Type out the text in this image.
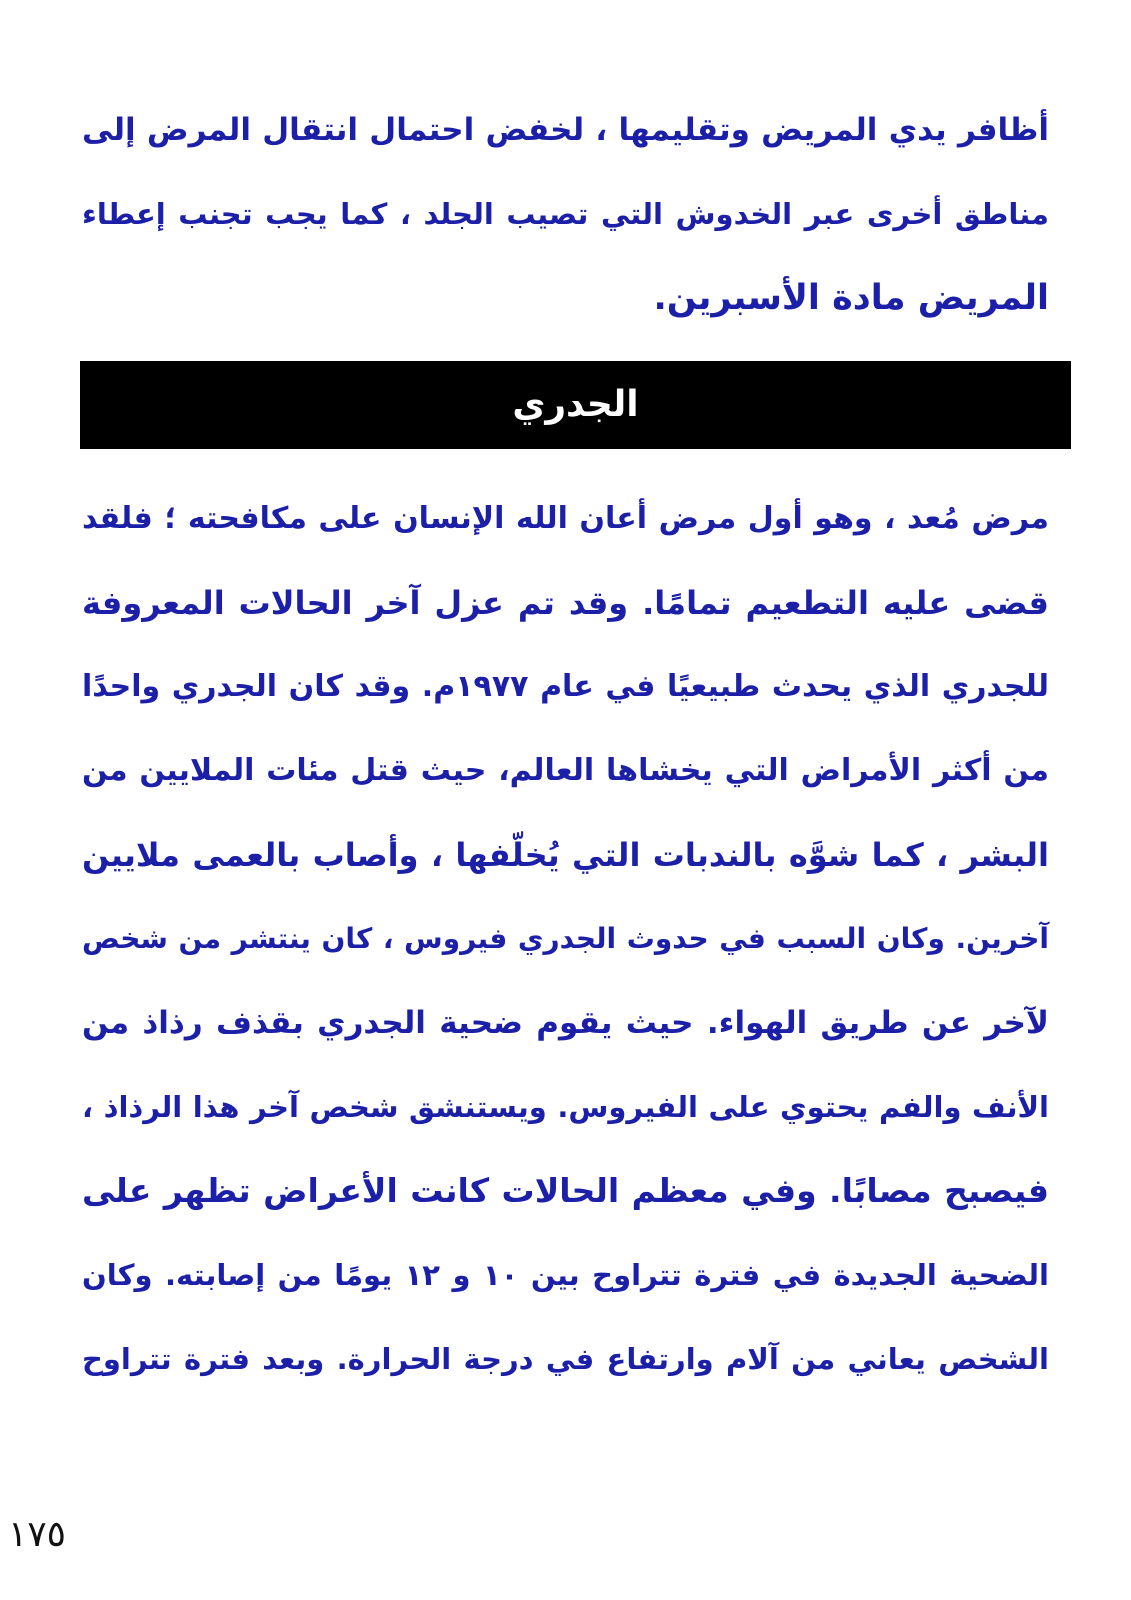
أظافر يدي المريض وتقليمها ، لخفض احتمال انتقال المرض إلى
مناطق أخرى عبر الخدوش التي تصيب الجلد ، كما يجب تجنب إعطاء
المريض مادة الأسبرين.
الجدري
مرض مُعد ، وهو أول مرض أعان الله الإنسان على مكافحته ؛ فلقد
قضى عليه التطعيم تمامًا. وقد تم عزل آخر الحالات المعروفة
للجدري الذي يحدث طبيعيًا في عام ١٩٧٧م. وقد كان الجدري واحدًا
من أكثر الأمراض التي يخشاها العالم، حيث قتل مئات الملايين من
البشر ، كما شوَّه بالندبات التي يُخلّفها ، وأصاب بالعمى ملايين
آخرين. وكان السبب في حدوث الجدري فيروس ، كان ينتشر من شخص
لآخر عن طريق الهواء. حيث يقوم ضحية الجدري بقذف رذاذ من
الأنف والفم يحتوي على الفيروس. ويستنشق شخص آخر هذا الرذاذ ،
فيصبح مصابًا. وفي معظم الحالات كانت الأعراض تظهر على
الضحية الجديدة في فترة تتراوح بين ١٠ و ١٢ يومًا من إصابته. وكان
الشخص يعاني من آلام وارتفاع في درجة الحرارة. وبعد فترة تتراوح
١٧٥
